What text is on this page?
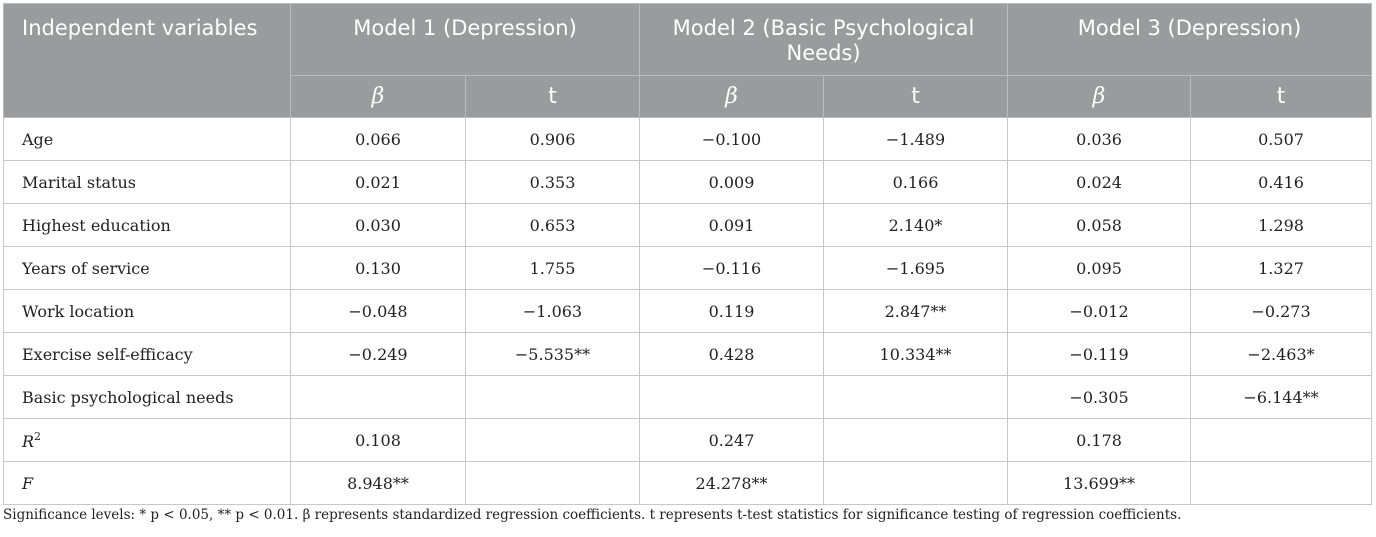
Independent variables	Model 1 (Depression)		Model 2 (Basic Psychological Needs)		Model 3 (Depression)	
	β	t	β	t	β	t
Age	0.066	0.906	−0.100	−1.489	0.036	0.507
Marital status	0.021	0.353	0.009	0.166	0.024	0.416
Highest education	0.030	0.653	0.091	2.140*	0.058	1.298
Years of service	0.130	1.755	−0.116	−1.695	0.095	1.327
Work location	−0.048	−1.063	0.119	2.847**	−0.012	−0.273
Exercise self-efficacy	−0.249	−5.535**	0.428	10.334**	−0.119	−2.463*
Basic psychological needs					−0.305	−6.144**
$R^2$	0.108		0.247		0.178	
F	8.948**		24.278**		13.699**	
Significance levels: * p < 0.05, ** p < 0.01. β represents standardized regression coefficients. t represents t-test statistics for significance testing of regression coefficients.
